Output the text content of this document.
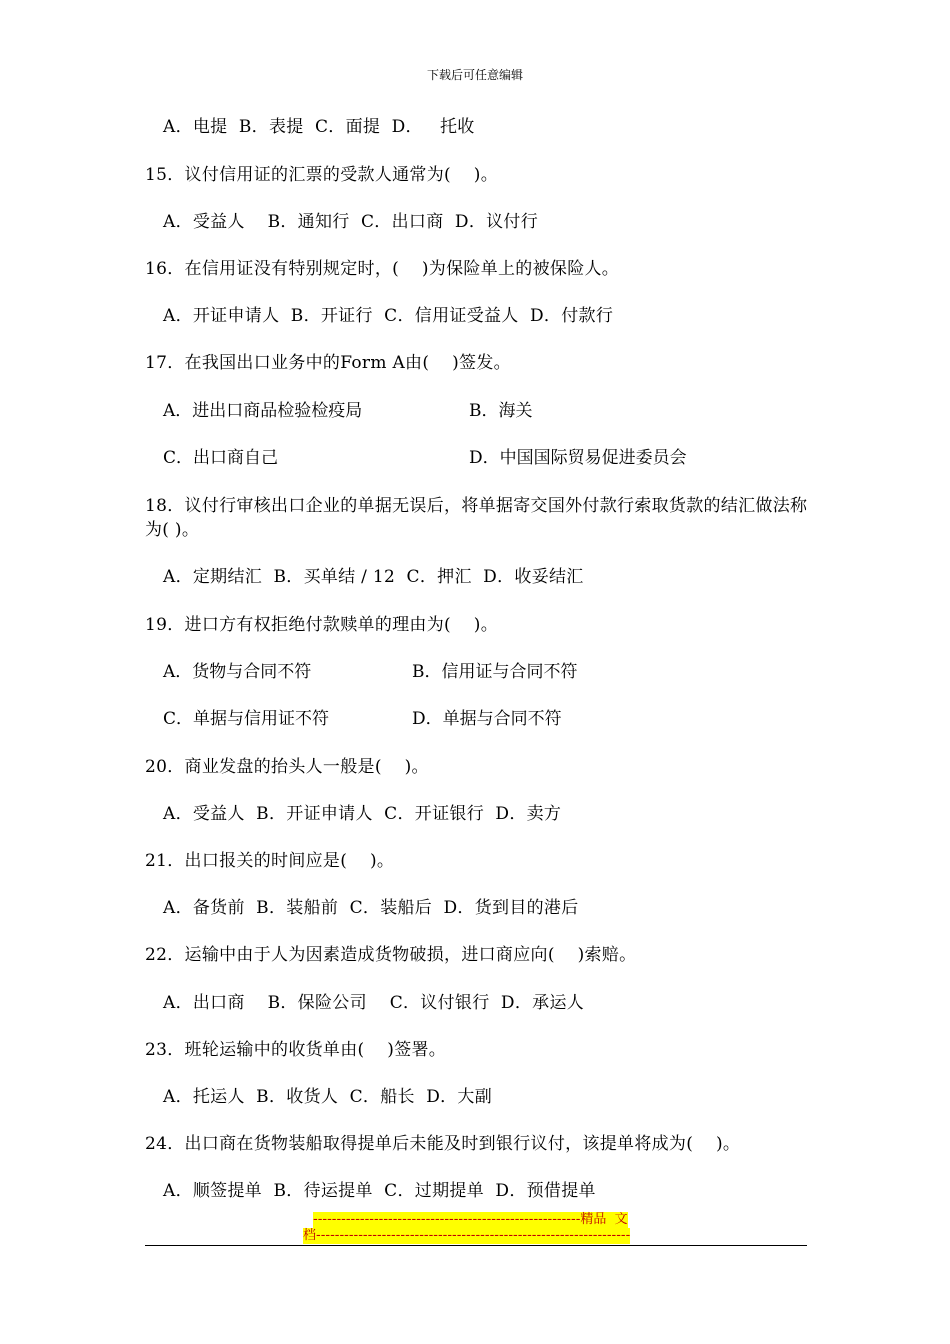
下载后可任意编辑
A．电提  B．表提  C．面提  D．   托收
15．议付信用证的汇票的受款人通常为(    )。
A．受益人    B．通知行  C．出口商  D．议付行
16．在信用证没有特别规定时，(    )为保险单上的被保险人。
A．开证申请人  B．开证行  C．信用证受益人  D．付款行
17．在我国出口业务中的Form A由(    )签发。
A．进出口商品检验检疫局	B．海关
C．出口商自己	D．中国国际贸易促进委员会
18．议付行审核出口企业的单据无误后，将单据寄交国外付款行索取货款的结汇做法称为( )。
A．定期结汇  B．买单结 / 12  C．押汇  D．收妥结汇
19．进口方有权拒绝付款赎单的理由为(    )。
A．货物与合同不符	B．信用证与合同不符
C．单据与信用证不符	D．单据与合同不符
20．商业发盘的抬头人一般是(    )。
A．受益人  B．开证申请人  C．开证银行  D．卖方
21．出口报关的时间应是(    )。
A．备货前  B．装船前  C．装船后  D．货到目的港后
22．运输中由于人为因素造成货物破损，进口商应向(    )索赔。
A．出口商    B．保险公司    C．议付银行  D．承运人
23．班轮运输中的收货单由(    )签署。
A．托运人  B．收货人  C．船长  D．大副
24．出口商在货物装船取得提单后未能及时到银行议付，该提单将成为(    )。
A．顺签提单  B．待运提单  C．过期提单  D．预借提单
---------------------------------------------------------精品  文
档-------------------------------------------------------------------
